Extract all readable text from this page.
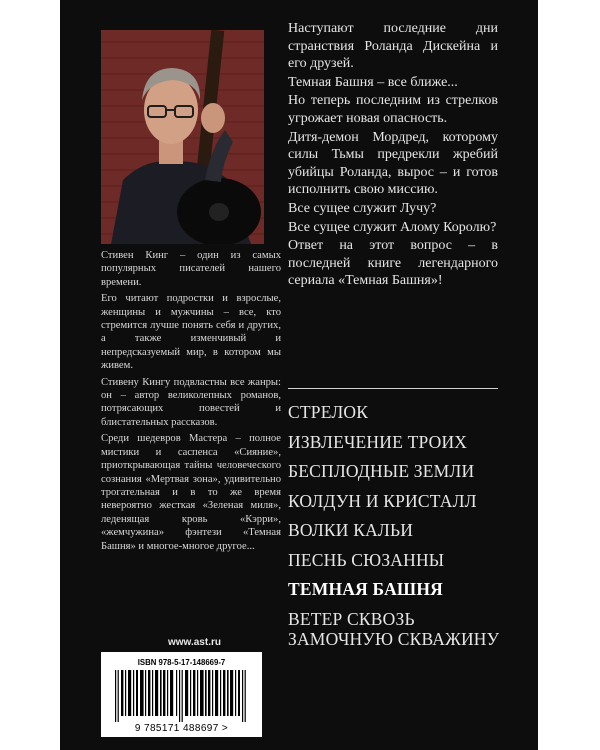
Стивен Кинг – один из самых популярных писателей нашего времени.

Его читают подростки и взрослые, женщины и мужчины – все, кто стремится лучше понять себя и других, а также изменчивый и непредсказуемый мир, в котором мы живем.

Стивену Кингу подвластны все жанры: он – автор великолепных романов, потрясающих повестей и блистательных рассказов.

Среди шедевров Мастера – полное мистики и саспенса «Сияние», приоткрывающая тайны человеческого сознания «Мертвая зона», удивительно трогательная и в то же время невероятно жесткая «Зеленая миля», леденящая кровь «Кэрри», «жемчужина» фэнтези «Темная Башня» и многое-многое другое...

Наступают последние дни странствия Роланда Дискейна и его друзей.

Темная Башня – все ближе...

Но теперь последним из стрелков угрожает новая опасность.

Дитя-демон Мордред, которому силы Тьмы предрекли жребий убийцы Роланда, вырос – и готов исполнить свою миссию.

Все сущее служит Лучу?

Все сущее служит Алому Королю?

Ответ на этот вопрос – в последней книге легендарного сериала «Темная Башня»!

СТРЕЛОК
ИЗВЛЕЧЕНИЕ ТРОИХ
БЕСПЛОДНЫЕ ЗЕМЛИ
КОЛДУН И КРИСТАЛЛ
ВОЛКИ КАЛЬИ
ПЕСНЬ СЮЗАННЫ
ТЕМНАЯ БАШНЯ
ВЕТЕР СКВОЗЬ ЗАМОЧНУЮ СКВАЖИНУ
www.ast.ru
ISBN 978-5-17-148669-7
9 785171 488697 >
